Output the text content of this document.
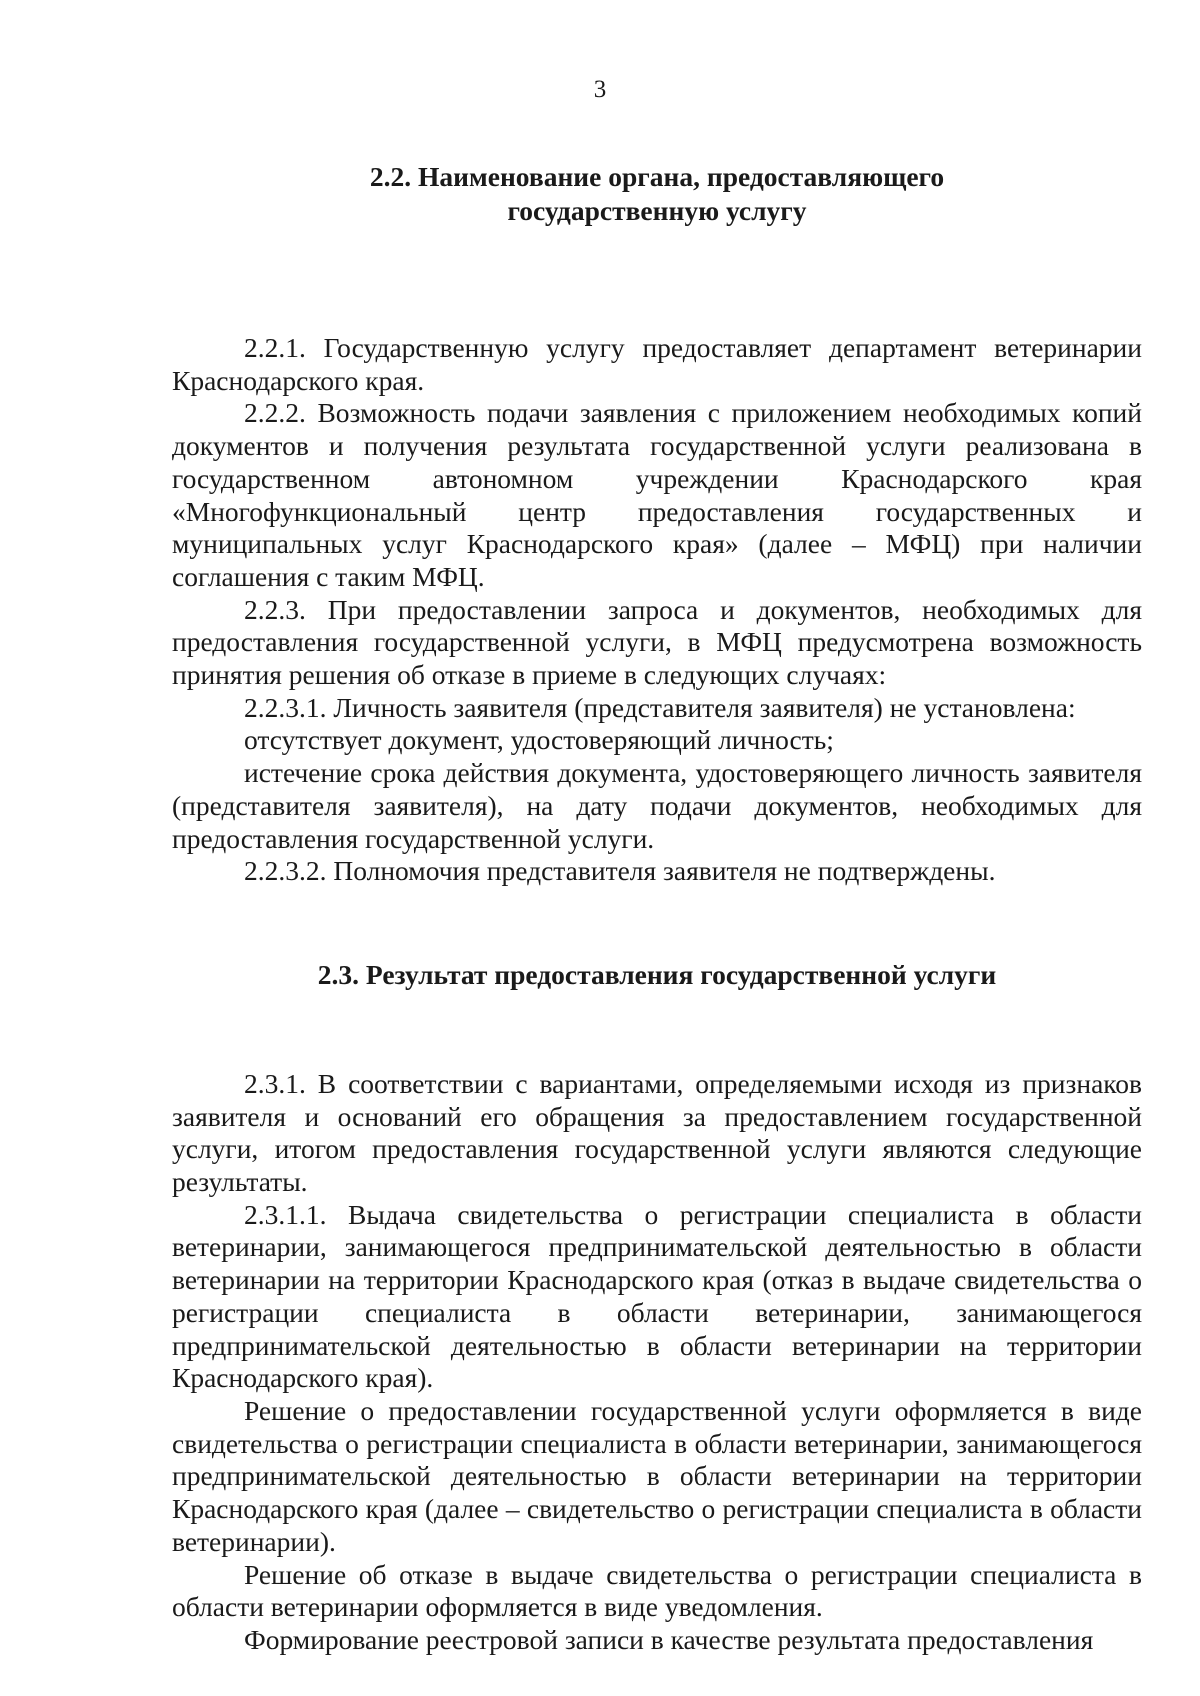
3
2.2. Наименование органа, предоставляющего
государственную услугу

2.2.1. Государственную услугу предоставляет департамент ветеринарии Краснодарского края.

2.2.2. Возможность подачи заявления с приложением необходимых копий документов и получения результата государственной услуги реализована в государственном автономном учреждении Краснодарского края «Многофункциональный центр предоставления государственных и муниципальных услуг Краснодарского края» (далее – МФЦ) при наличии соглашения с таким МФЦ.

2.2.3. При предоставлении запроса и документов, необходимых для предоставления государственной услуги, в МФЦ предусмотрена возможность принятия решения об отказе в приеме в следующих случаях:

2.2.3.1. Личность заявителя (представителя заявителя) не установлена:

отсутствует документ, удостоверяющий личность;

истечение срока действия документа, удостоверяющего личность заявителя (представителя заявителя), на дату подачи документов, необходимых для предоставления государственной услуги.

2.2.3.2. Полномочия представителя заявителя не подтверждены.

2.3. Результат предоставления государственной услуги

2.3.1. В соответствии с вариантами, определяемыми исходя из признаков заявителя и оснований его обращения за предоставлением государственной услуги, итогом предоставления государственной услуги являются следующие результаты.

2.3.1.1. Выдача свидетельства о регистрации специалиста в области ветеринарии, занимающегося предпринимательской деятельностью в области ветеринарии на территории Краснодарского края (отказ в выдаче свидетельства о регистрации специалиста в области ветеринарии, занимающегося предпринимательской деятельностью в области ветеринарии на территории Краснодарского края).

Решение о предоставлении государственной услуги оформляется в виде свидетельства о регистрации специалиста в области ветеринарии, занимающегося предпринимательской деятельностью в области ветеринарии на территории Краснодарского края (далее – свидетельство о регистрации специалиста в области ветеринарии).

Решение об отказе в выдаче свидетельства о регистрации специалиста в области ветеринарии оформляется в виде уведомления.

Формирование реестровой записи в качестве результата предоставления
